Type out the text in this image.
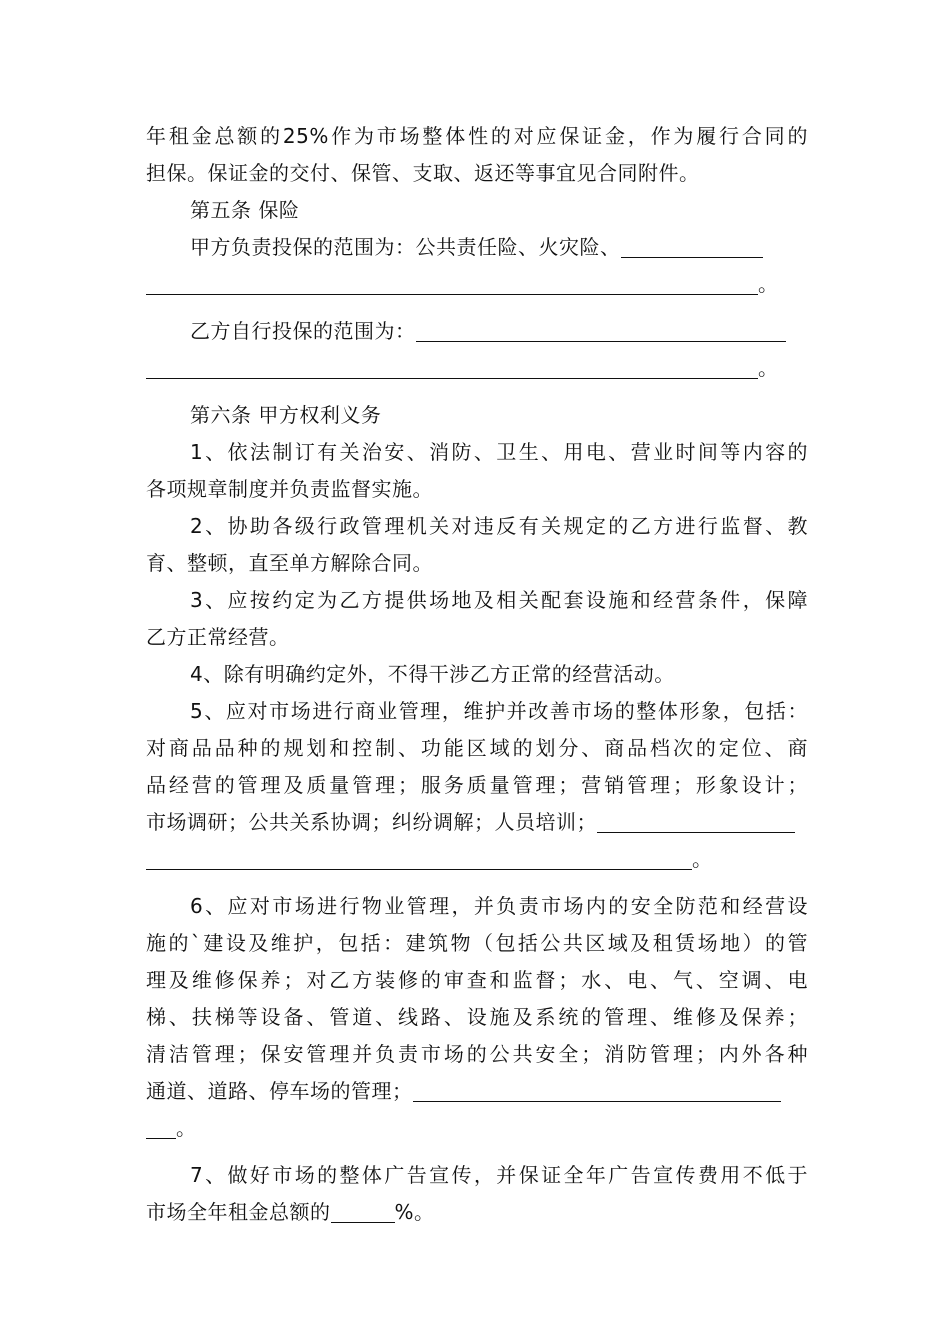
年租金总额的25%作为市场整体性的对应保证金，作为履行合同的
担保。保证金的交付、保管、支取、返还等事宜见合同附件。
第五条 保险
甲方负责投保的范围为：公共责任险、火灾险、
。
乙方自行投保的范围为：
。
第六条 甲方权利义务
1、依法制订有关治安、消防、卫生、用电、营业时间等内容的
各项规章制度并负责监督实施。
2、协助各级行政管理机关对违反有关规定的乙方进行监督、教
育、整顿，直至单方解除合同。
3、应按约定为乙方提供场地及相关配套设施和经营条件，保障
乙方正常经营。
4、除有明确约定外，不得干涉乙方正常的经营活动。
5、应对市场进行商业管理，维护并改善市场的整体形象，包括：
对商品品种的规划和控制、功能区域的划分、商品档次的定位、商
品经营的管理及质量管理；服务质量管理；营销管理；形象设计；
市场调研；公共关系协调；纠纷调解；人员培训；
。
6、应对市场进行物业管理，并负责市场内的安全防范和经营设
施的`建设及维护，包括：建筑物（包括公共区域及租赁场地）的管
理及维修保养；对乙方装修的审查和监督；水、电、气、空调、电
梯、扶梯等设备、管道、线路、设施及系统的管理、维修及保养；
清洁管理；保安管理并负责市场的公共安全；消防管理；内外各种
通道、道路、停车场的管理；
。
7、做好市场的整体广告宣传，并保证全年广告宣传费用不低于
市场全年租金总额的	%。
